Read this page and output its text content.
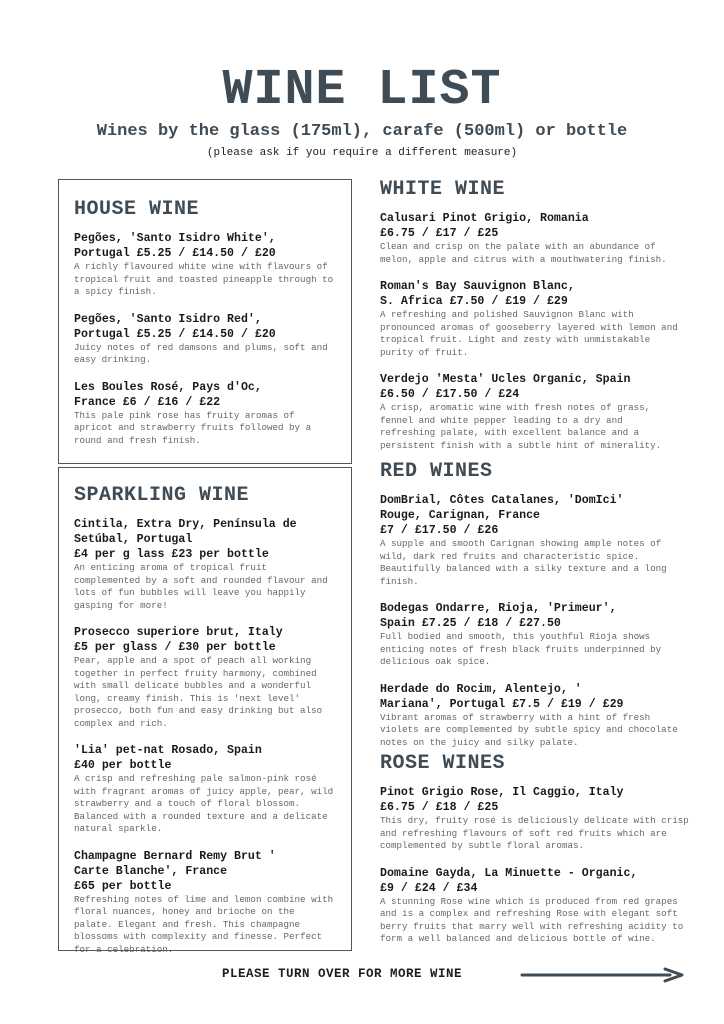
WINE LIST
Wines by the glass (175ml), carafe (500ml) or bottle
(please ask if you require a different measure)
HOUSE WINE
Pegões, 'Santo Isidro White',
Portugal £5.25 / £14.50 / £20
A richly flavoured white wine with flavours of tropical fruit and toasted pineapple through to a spicy finish.
Pegões, 'Santo Isidro Red',
Portugal £5.25 / £14.50 / £20
Juicy notes of red damsons and plums, soft and easy drinking.
Les Boules Rosé, Pays d'Oc,
France £6 / £16 / £22
This pale pink rose has fruity aromas of apricot and strawberry fruits followed by a round and fresh finish.
SPARKLING WINE
Cintila, Extra Dry, Península de
Setúbal, Portugal
£4 per g lass £23 per bottle
An enticing aroma of tropical fruit complemented by a soft and rounded flavour and lots of fun bubbles will leave you happily gasping for more!
Prosecco superiore brut, Italy
£5 per glass / £30 per bottle
Pear, apple and a spot of peach all working together in perfect fruity harmony, combined with small delicate bubbles and a wonderful long, creamy finish. This is 'next level' prosecco, both fun and easy drinking but also complex and rich.
'Lia' pet-nat Rosado, Spain
£40 per bottle
A crisp and refreshing pale salmon-pink rosé with fragrant aromas of juicy apple, pear, wild strawberry and a touch of floral blossom. Balanced with a rounded texture and a delicate natural sparkle.
Champagne Bernard Remy Brut '
Carte Blanche', France
£65 per bottle
Refreshing notes of lime and lemon combine with floral nuances, honey and brioche on the palate. Elegant and fresh. This champagne blossoms with complexity and finesse. Perfect for a celebration.
WHITE WINE
Calusari Pinot Grigio, Romania
£6.75 / £17 / £25
Clean and crisp on the palate with an abundance of melon, apple and citrus with a mouthwatering finish.
Roman's Bay Sauvignon Blanc,
S. Africa £7.50 / £19 / £29
A refreshing and polished Sauvignon Blanc with pronounced aromas of gooseberry layered with lemon and tropical fruit. Light and zesty with unmistakable purity of fruit.
Verdejo 'Mesta' Ucles Organic, Spain
£6.50 / £17.50 / £24
A crisp, aromatic wine with fresh notes of grass, fennel and white pepper leading to a dry and refreshing palate, with excellent balance and a persistent finish with a subtle hint of minerality.
RED WINES
DomBrial, Côtes Catalanes, 'DomIci'
Rouge, Carignan, France
£7 / £17.50 / £26
A supple and smooth Carignan showing ample notes of wild, dark red fruits and characteristic spice. Beautifully balanced with a silky texture and a long finish.
Bodegas Ondarre, Rioja, 'Primeur',
Spain £7.25 / £18 / £27.50
Full bodied and smooth, this youthful Rioja shows enticing notes of fresh black fruits underpinned by delicious oak spice.
Herdade do Rocim, Alentejo, '
Mariana', Portugal £7.5 / £19 / £29
Vibrant aromas of strawberry with a hint of fresh violets are complemented by subtle spicy and chocolate notes on the juicy and silky palate.
ROSE WINES
Pinot Grigio Rose, Il Caggio, Italy
£6.75 / £18 / £25
This dry, fruity rosé is deliciously delicate with crisp and refreshing flavours of soft red fruits which are complemented by subtle floral aromas.
Domaine Gayda, La Minuette - Organic,
£9 / £24 / £34
A stunning Rose wine which is produced from red grapes and is a complex and refreshing Rose with elegant soft berry fruits that marry well with refreshing acidity to form a well balanced and delicious bottle of wine.
PLEASE TURN OVER FOR MORE WINE
